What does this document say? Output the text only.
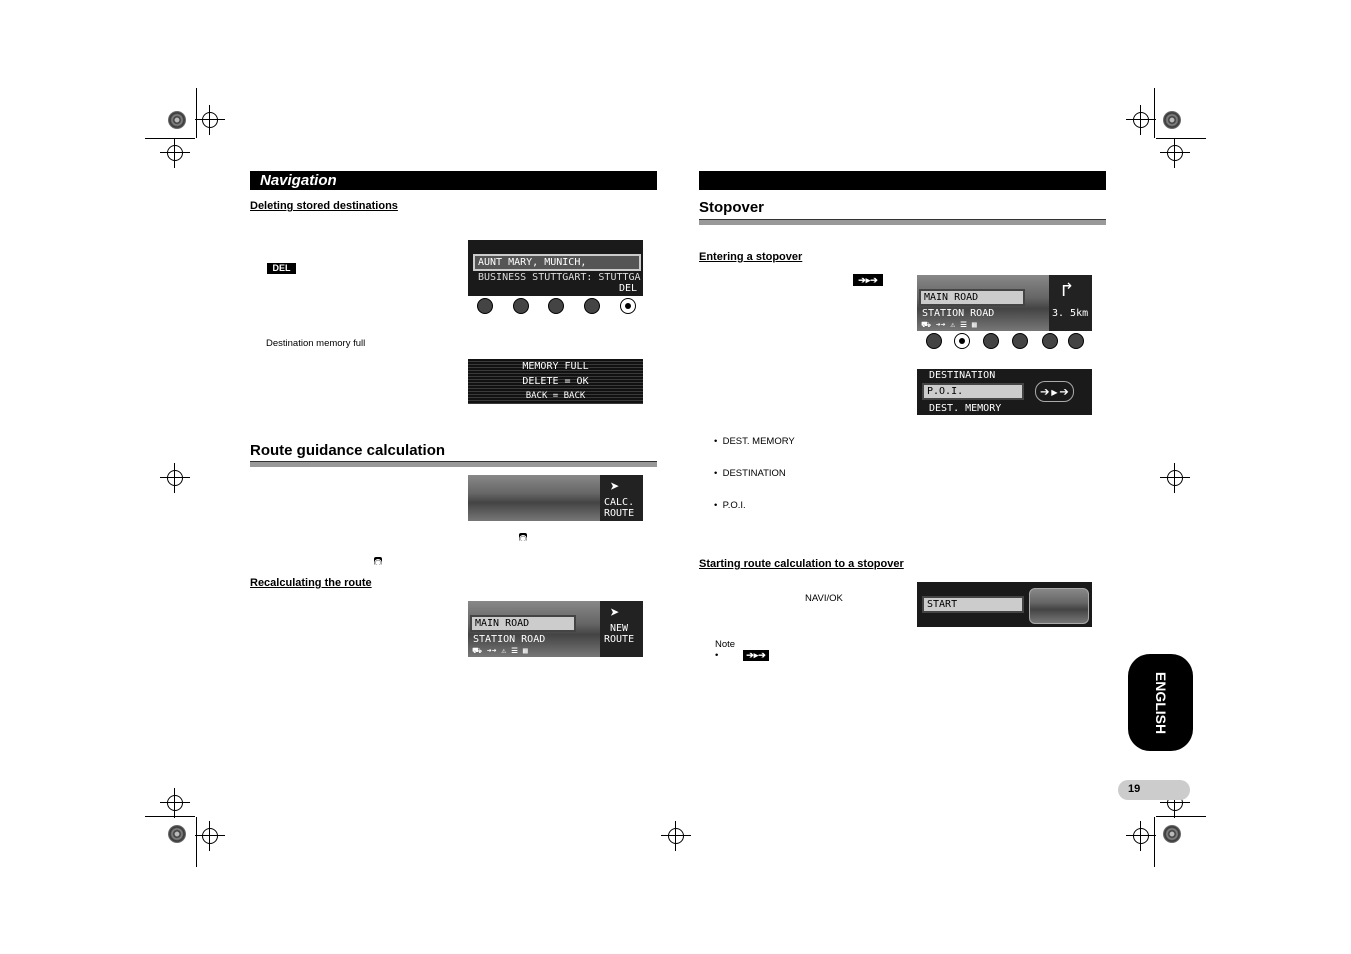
Navigation
Deleting stored destinations
DEL	AUNT MARY, MUNICH,
BUSINESS STUTTGART: STUTTGA
DEL
Destination memory full
MEMORY FULL
DELETE = OK
BACK = BACK
Route guidance calculation
➤
CALC.
ROUTE
◉
◉
Recalculating the route
MAIN ROAD
STATION ROAD
⛟ ➔➔ ⚠ ☰ ▦
➤
NEW
ROUTE
Stopover
Entering a stopover
➔▸➔
MAIN ROAD
STATION ROAD
⛟ ➔➔ ⚠ ☰ ▦
↱
3. 5km
DESTINATION
P.O.I.
DEST. MEMORY
➔▸➔
•  DEST. MEMORY
•  DESTINATION
•  P.O.I.
Starting route calculation to a stopover
NAVI/OK
START
Note
•	➔▸➔
ENGLISH
19
